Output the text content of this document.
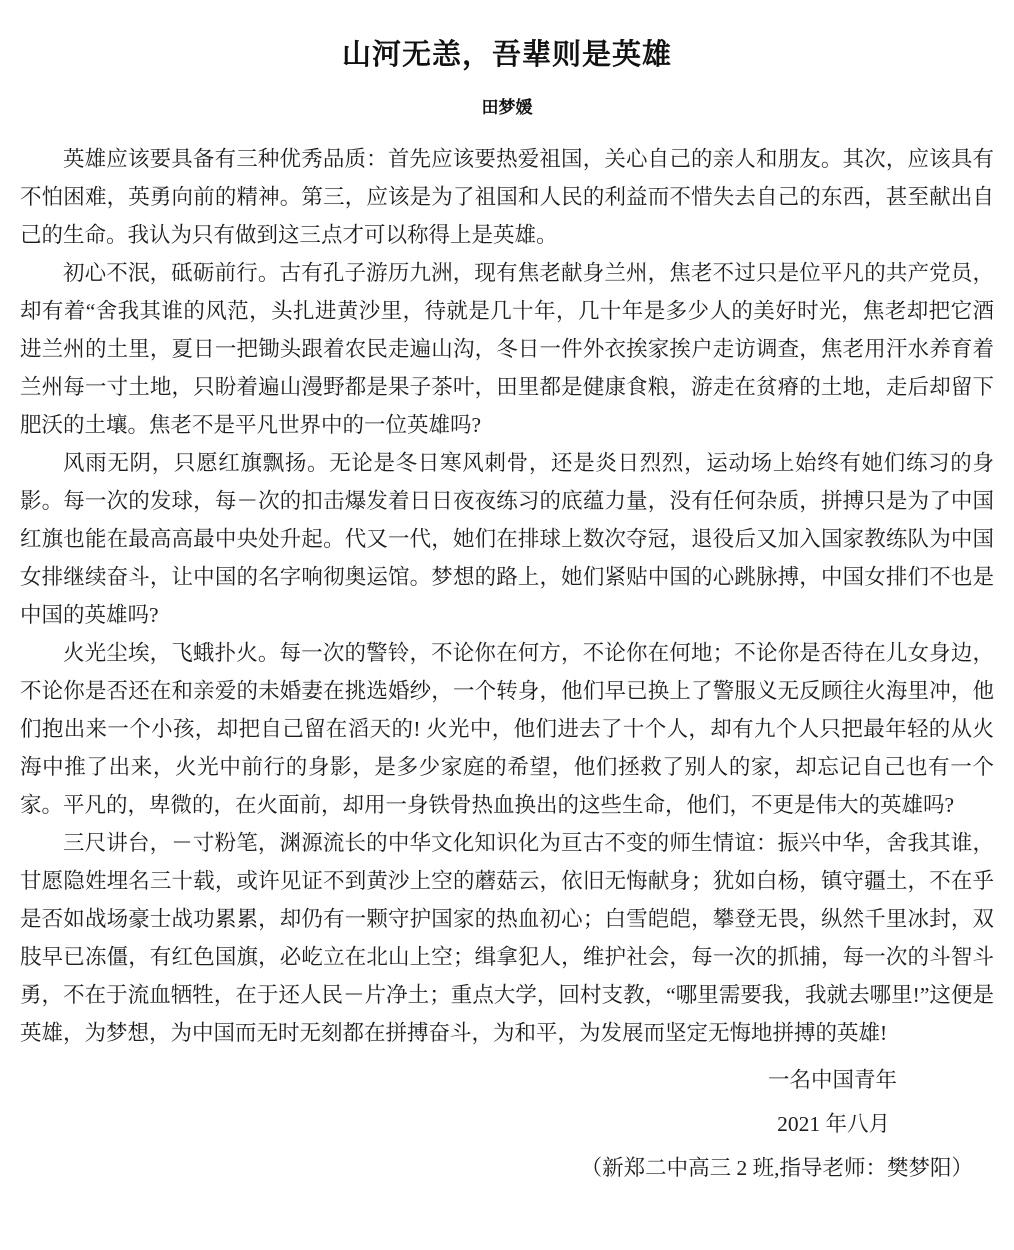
山河无恙，吾辈则是英雄
田梦媛

英雄应该要具备有三种优秀品质：首先应该要热爱祖国，关心自己的亲人和朋友。其次，应该具有不怕困难，英勇向前的精神。第三，应该是为了祖国和人民的利益而不惜失去自己的东西，甚至献出自己的生命。我认为只有做到这三点才可以称得上是英雄。

初心不泯，砥砺前行。古有孔子游历九洲，现有焦老献身兰州，焦老不过只是位平凡的共产党员，却有着“舍我其谁的风范，头扎进黄沙里，待就是几十年，几十年是多少人的美好时光，焦老却把它酒进兰州的土里，夏日一把锄头跟着农民走遍山沟，冬日一件外衣挨家挨户走访调查，焦老用汗水养育着兰州每一寸土地，只盼着遍山漫野都是果子茶叶，田里都是健康食粮，游走在贫瘠的土地，走后却留下肥沃的土壤。焦老不是平凡世界中的一位英雄吗?

风雨无阴，只愿红旗飘扬。无论是冬日寒风刺骨，还是炎日烈烈，运动场上始终有她们练习的身影。每一次的发球，每－次的扣击爆发着日日夜夜练习的底蕴力量，没有任何杂质，拼搏只是为了中国红旗也能在最高高最中央处升起。代又一代，她们在排球上数次夺冠，退役后又加入国家教练队为中国女排继续奋斗，让中国的名字响彻奥运馆。梦想的路上，她们紧贴中国的心跳脉搏，中国女排们不也是中国的英雄吗?

火光尘埃，飞蛾扑火。每一次的警铃，不论你在何方，不论你在何地；不论你是否待在儿女身边，不论你是否还在和亲爱的未婚妻在挑选婚纱，一个转身，他们早已换上了警服义无反顾往火海里冲，他们抱出来一个小孩，却把自己留在滔天的! 火光中，他们进去了十个人，却有九个人只把最年轻的从火海中推了出来，火光中前行的身影，是多少家庭的希望，他们拯救了别人的家，却忘记自己也有一个家。平凡的，卑微的，在火面前，却用一身铁骨热血换出的这些生命，他们，不更是伟大的英雄吗?

三尺讲台，－寸粉笔，渊源流长的中华文化知识化为亘古不变的师生情谊：振兴中华，舍我其谁，甘愿隐姓埋名三十载，或许见证不到黄沙上空的蘑菇云，依旧无悔献身；犹如白杨，镇守疆土，不在乎是否如战场豪士战功累累，却仍有一颗守护国家的热血初心；白雪皑皑，攀登无畏，纵然千里冰封，双肢早已冻僵，有红色国旗，必屹立在北山上空；缉拿犯人，维护社会，每一次的抓捕，每一次的斗智斗勇，不在于流血牺牲，在于还人民－片净土；重点大学，回村支教，“哪里需要我，我就去哪里!”这便是英雄，为梦想，为中国而无时无刻都在拼搏奋斗，为和平，为发展而坚定无悔地拼搏的英雄!

一名中国青年
2021 年八月
（新郑二中高三 2 班,指导老师：樊梦阳）
